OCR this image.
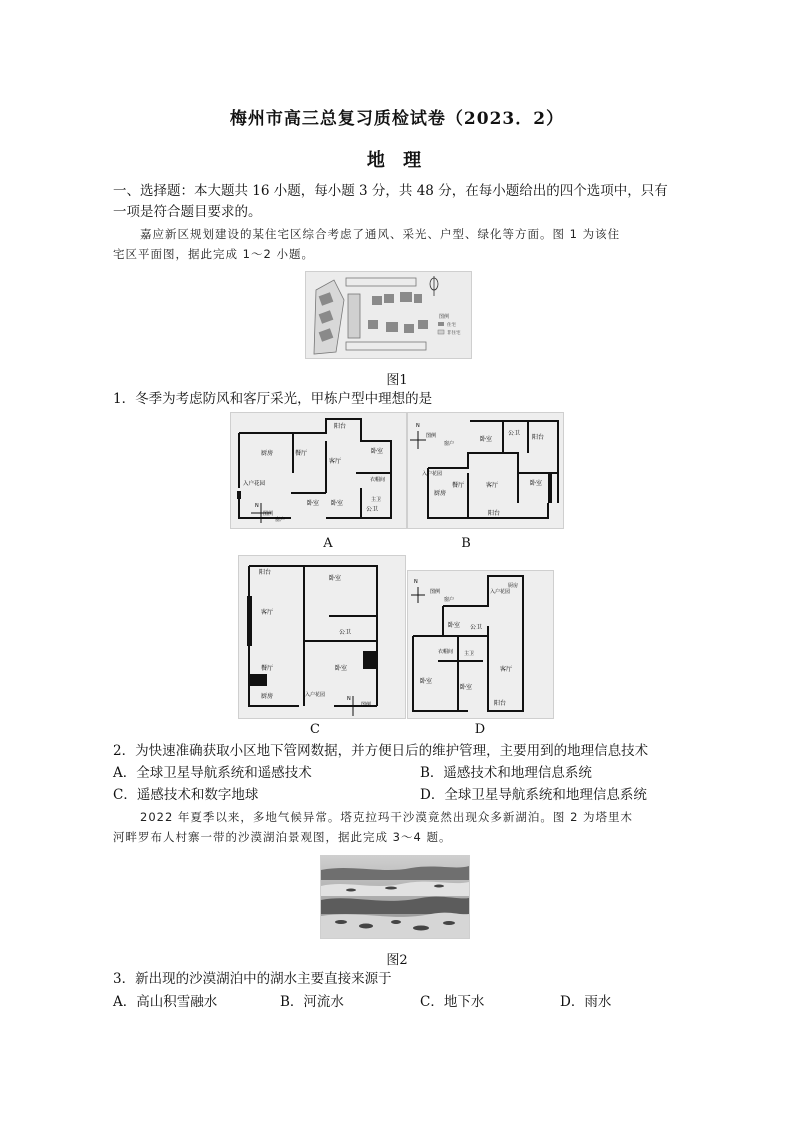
梅州市高三总复习质检试卷（2023．2）
地 理
一、选择题：本大题共 16 小题，每小题 3 分，共 48 分，在每小题给出的四个选项中，只有
一项是符合题目要求的。
嘉应新区规划建设的某住宅区综合考虑了通风、采光、户型、绿化等方面。图 1 为该住
宅区平面图，据此完成 1～2 小题。
图例
住宅
非住宅
图1
1．冬季为考虑防风和客厅采光，甲栋户型中理想的是
阳台
厨房	餐厅
客厅
卧室
衣帽间
主卫
入户花园
N
图例
窗户
卧室 卧室
公卫
N
图例
窗户
卧室
公卫
阳台
入户花园
厨房
餐厅	客厅	卧室
阳台
A	B
阳台
卧室
客厅
公卫
餐厅	卧室
厨房	入户花园
N
图例
N
图例
窗户
入户花园
厨房
卧室 公卫
衣帽间 主卫
卧室
卧室
客厅
阳台
C	D
2．为快速准确获取小区地下管网数据，并方便日后的维护管理，主要用到的地理信息技术
A．全球卫星导航系统和遥感技术	B．遥感技术和地理信息系统
C．遥感技术和数字地球	D．全球卫星导航系统和地理信息系统
2022 年夏季以来，多地气候异常。塔克拉玛干沙漠竟然出现众多新湖泊。图 2 为塔里木
河畔罗布人村寨一带的沙漠湖泊景观图，据此完成 3～4 题。
图2
3．新出现的沙漠湖泊中的湖水主要直接来源于
A．高山积雪融水	B．河流水	C．地下水	D．雨水
